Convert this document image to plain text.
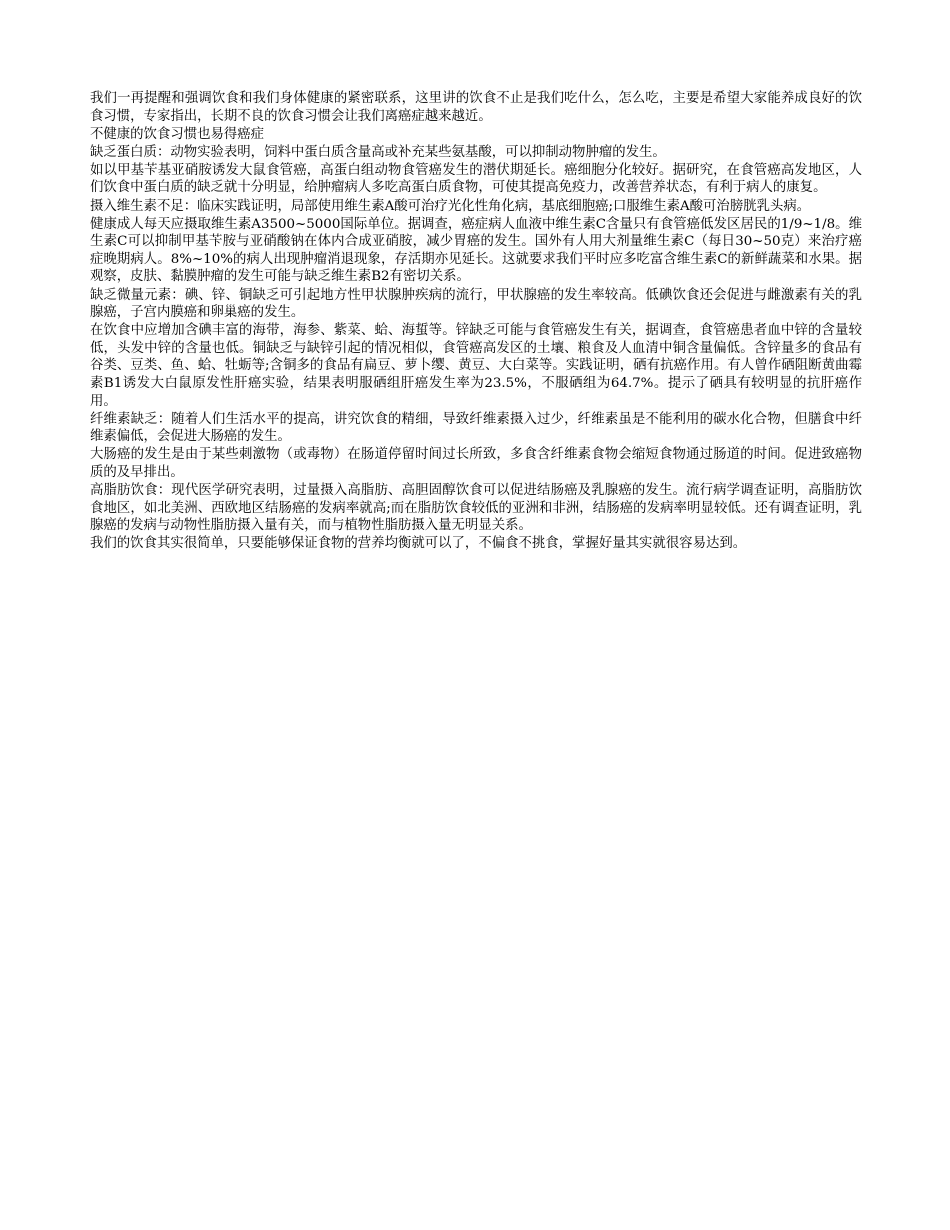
我们一再提醒和强调饮食和我们身体健康的紧密联系，这里讲的饮食不止是我们吃什么，怎么吃，主要是希望大家能养成良好的饮食习惯，专家指出，长期不良的饮食习惯会让我们离癌症越来越近。

不健康的饮食习惯也易得癌症

缺乏蛋白质：动物实验表明，饲料中蛋白质含量高或补充某些氨基酸，可以抑制动物肿瘤的发生。

如以甲基苄基亚硝胺诱发大鼠食管癌，高蛋白组动物食管癌发生的潜伏期延长。癌细胞分化较好。据研究，在食管癌高发地区，人们饮食中蛋白质的缺乏就十分明显，给肿瘤病人多吃高蛋白质食物，可使其提高免疫力，改善营养状态，有利于病人的康复。

摄入维生素不足：临床实践证明，局部使用维生素A酸可治疗光化性角化病，基底细胞癌;口服维生素A酸可治膀胱乳头病。

健康成人每天应摄取维生素A3500~5000国际单位。据调查，癌症病人血液中维生素C含量只有食管癌低发区居民的1/9~1/8。维生素C可以抑制甲基苄胺与亚硝酸钠在体内合成亚硝胺，减少胃癌的发生。国外有人用大剂量维生素C（每日30~50克）来治疗癌症晚期病人。8%~10%的病人出现肿瘤消退现象，存活期亦见延长。这就要求我们平时应多吃富含维生素C的新鲜蔬菜和水果。据观察，皮肤、黏膜肿瘤的发生可能与缺乏维生素B2有密切关系。

缺乏微量元素：碘、锌、铜缺乏可引起地方性甲状腺肿疾病的流行，甲状腺癌的发生率较高。低碘饮食还会促进与雌激素有关的乳腺癌，子宫内膜癌和卵巢癌的发生。

在饮食中应增加含碘丰富的海带，海参、紫菜、蛤、海蜇等。锌缺乏可能与食管癌发生有关，据调查，食管癌患者血中锌的含量较低，头发中锌的含量也低。铜缺乏与缺锌引起的情况相似，食管癌高发区的土壤、粮食及人血清中铜含量偏低。含锌量多的食品有谷类、豆类、鱼、蛤、牡蛎等;含铜多的食品有扁豆、萝卜缨、黄豆、大白菜等。实践证明，硒有抗癌作用。有人曾作硒阻断黄曲霉素B1诱发大白鼠原发性肝癌实验，结果表明服硒组肝癌发生率为23.5%，不服硒组为64.7%。提示了硒具有较明显的抗肝癌作用。

纤维素缺乏：随着人们生活水平的提高，讲究饮食的精细，导致纤维素摄入过少，纤维素虽是不能利用的碳水化合物，但膳食中纤维素偏低，会促进大肠癌的发生。

大肠癌的发生是由于某些刺激物（或毒物）在肠道停留时间过长所致，多食含纤维素食物会缩短食物通过肠道的时间。促进致癌物质的及早排出。

高脂肪饮食：现代医学研究表明，过量摄入高脂肪、高胆固醇饮食可以促进结肠癌及乳腺癌的发生。流行病学调查证明，高脂肪饮食地区，如北美洲、西欧地区结肠癌的发病率就高;而在脂肪饮食较低的亚洲和非洲，结肠癌的发病率明显较低。还有调查证明，乳腺癌的发病与动物性脂肪摄入量有关，而与植物性脂肪摄入量无明显关系。

我们的饮食其实很简单，只要能够保证食物的营养均衡就可以了，不偏食不挑食，掌握好量其实就很容易达到。
